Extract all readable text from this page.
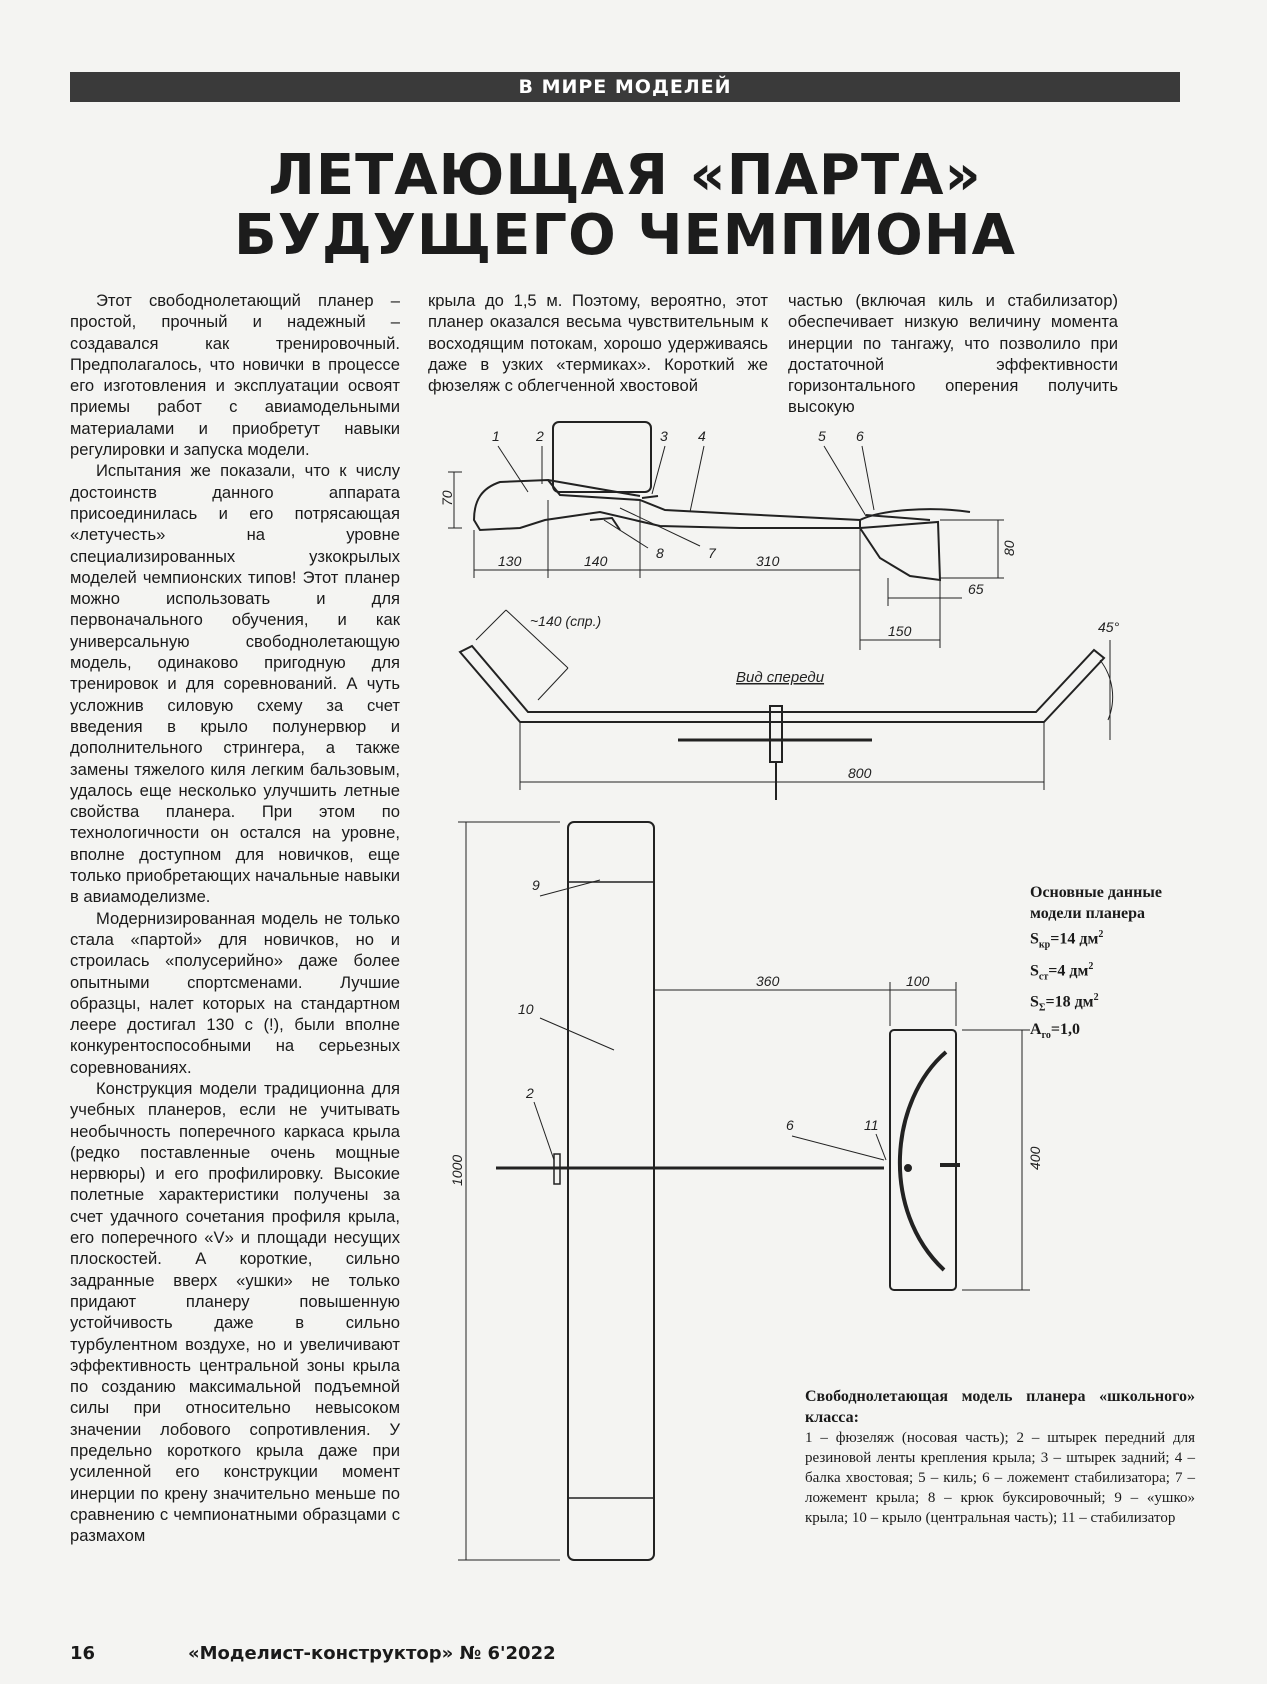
В МИРЕ МОДЕЛЕЙ
ЛЕТАЮЩАЯ «ПАРТА»
БУДУЩЕГО ЧЕМПИОНА

Этот свободнолетающий планер – простой, прочный и надежный – создавался как тренировочный. Предполагалось, что новички в процессе его изготовления и эксплуатации освоят приемы работ с авиамодельными материалами и приобретут навыки регулировки и запуска модели.

Испытания же показали, что к числу достоинств данного аппарата присоединилась и его потрясающая «летучесть» на уровне специализированных узкокрылых моделей чемпионских типов! Этот планер можно использовать и для первоначального обучения, и как универсальную свободнолетающую модель, одинаково пригодную для тренировок и для соревнований. А чуть усложнив силовую схему за счет введения в крыло полунервюр и дополнительного стрингера, а также замены тяжелого киля легким бальзовым, удалось еще несколько улучшить летные свойства планера. При этом по технологичности он остался на уровне, вполне доступном для новичков, еще только приобретающих начальные навыки в авиамоделизме.

Модернизированная модель не только стала «партой» для новичков, но и строилась «полусерийно» даже более опытными спортсменами. Лучшие образцы, налет которых на стандартном леере достигал 130 с (!), были вполне конкурентоспособными на серьезных соревнованиях.

Конструкция модели традиционна для учебных планеров, если не учитывать необычность поперечного каркаса крыла (редко поставленные очень мощные нервюры) и его профилировку. Высокие полетные характеристики получены за счет удачного сочетания профиля крыла, его поперечного «V» и площади несущих плоскостей. А короткие, сильно задранные вверх «ушки» не только придают планеру повышенную устойчивость даже в сильно турбулентном воздухе, но и увеличивают эффективность центральной зоны крыла по созданию максимальной подъемной силы при относительно невысоком значении лобового сопротивления. У предельно короткого крыла даже при усиленной его конструкции момент инерции по крену значительно меньше по сравнению с чемпионатными образцами с размахом

крыла до 1,5 м. Поэтому, вероятно, этот планер оказался весьма чувствительным к восходящим потокам, хорошо удерживаясь даже в узких «термиках». Короткий же фюзеляж с облегченной хвостовой

частью (включая киль и стабилизатор) обеспечивает низкую величину момента инерции по тангажу, что позволило при достаточной эффективности горизонтального оперения получить высокую

1	2	3 4	5 6
7
8
9
10
2
6	11
70
80
130	140	310
65
150
~140 (спр.)	45°
Вид спереди
800
1000
360	100
400
Основные данные
модели планера
$S_{кр}=14$ $дм^2$
$S_{ст}=4$ $дм^2$
$S_\Sigma=18$ $дм^2$
$A_{го}=1,0$
Свободнолетающая модель планера «школьного» класса:
1 – фюзеляж (носовая часть); 2 – штырек передний для резиновой ленты крепления крыла; 3 – штырек задний; 4 – балка хвостовая; 5 – киль; 6 – ложемент стабилизатора; 7 –ложемент крыла; 8 – крюк буксировочный; 9 – «ушко» крыла; 10 – крыло (центральная часть); 11 – стабилизатор
16	«Моделист-конструктор» № 6'2022
